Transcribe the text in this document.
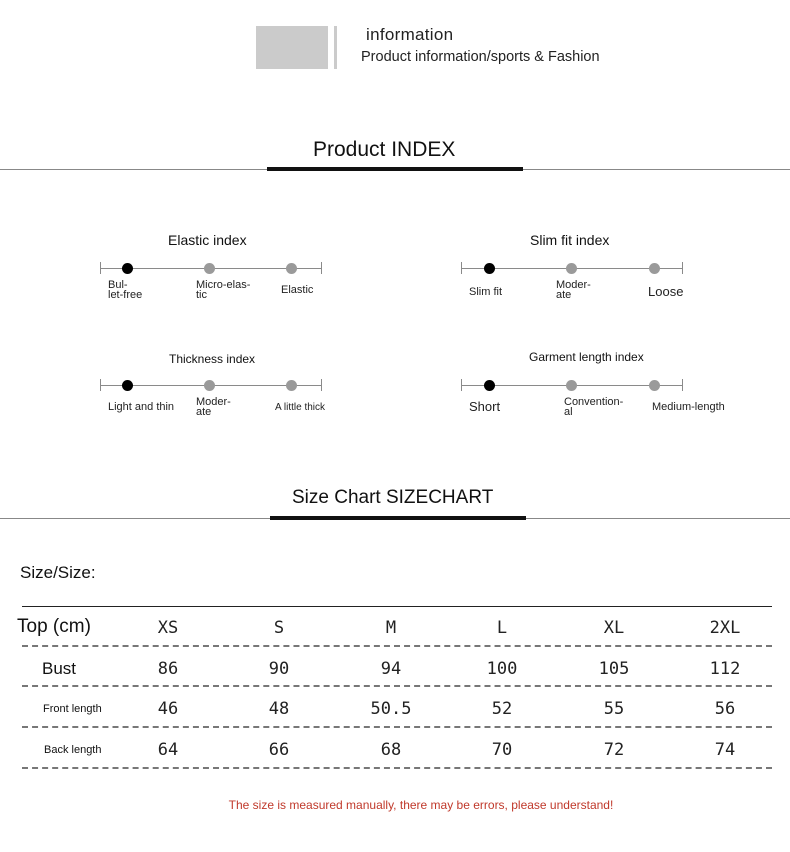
information
Product information/sports & Fashion
Product INDEX
Elastic index
Bul-
let-free
Micro-elas-
tic	Elastic
Slim fit index
Slim fit
Moder-
ate	Loose
Thickness index
Light and thin Moder-
ate	A little thick
Garment length index
Short	Convention-
al	Medium-length
Size Chart SIZECHART
Size/Size:
Top (cm)	XS	S	M	L	XL	2XL
Bust	86	90	94	100	105	112
Front length	46	48	50.5	52	55	56
Back length	64	66	68	70	72	74
The size is measured manually, there may be errors, please understand!
